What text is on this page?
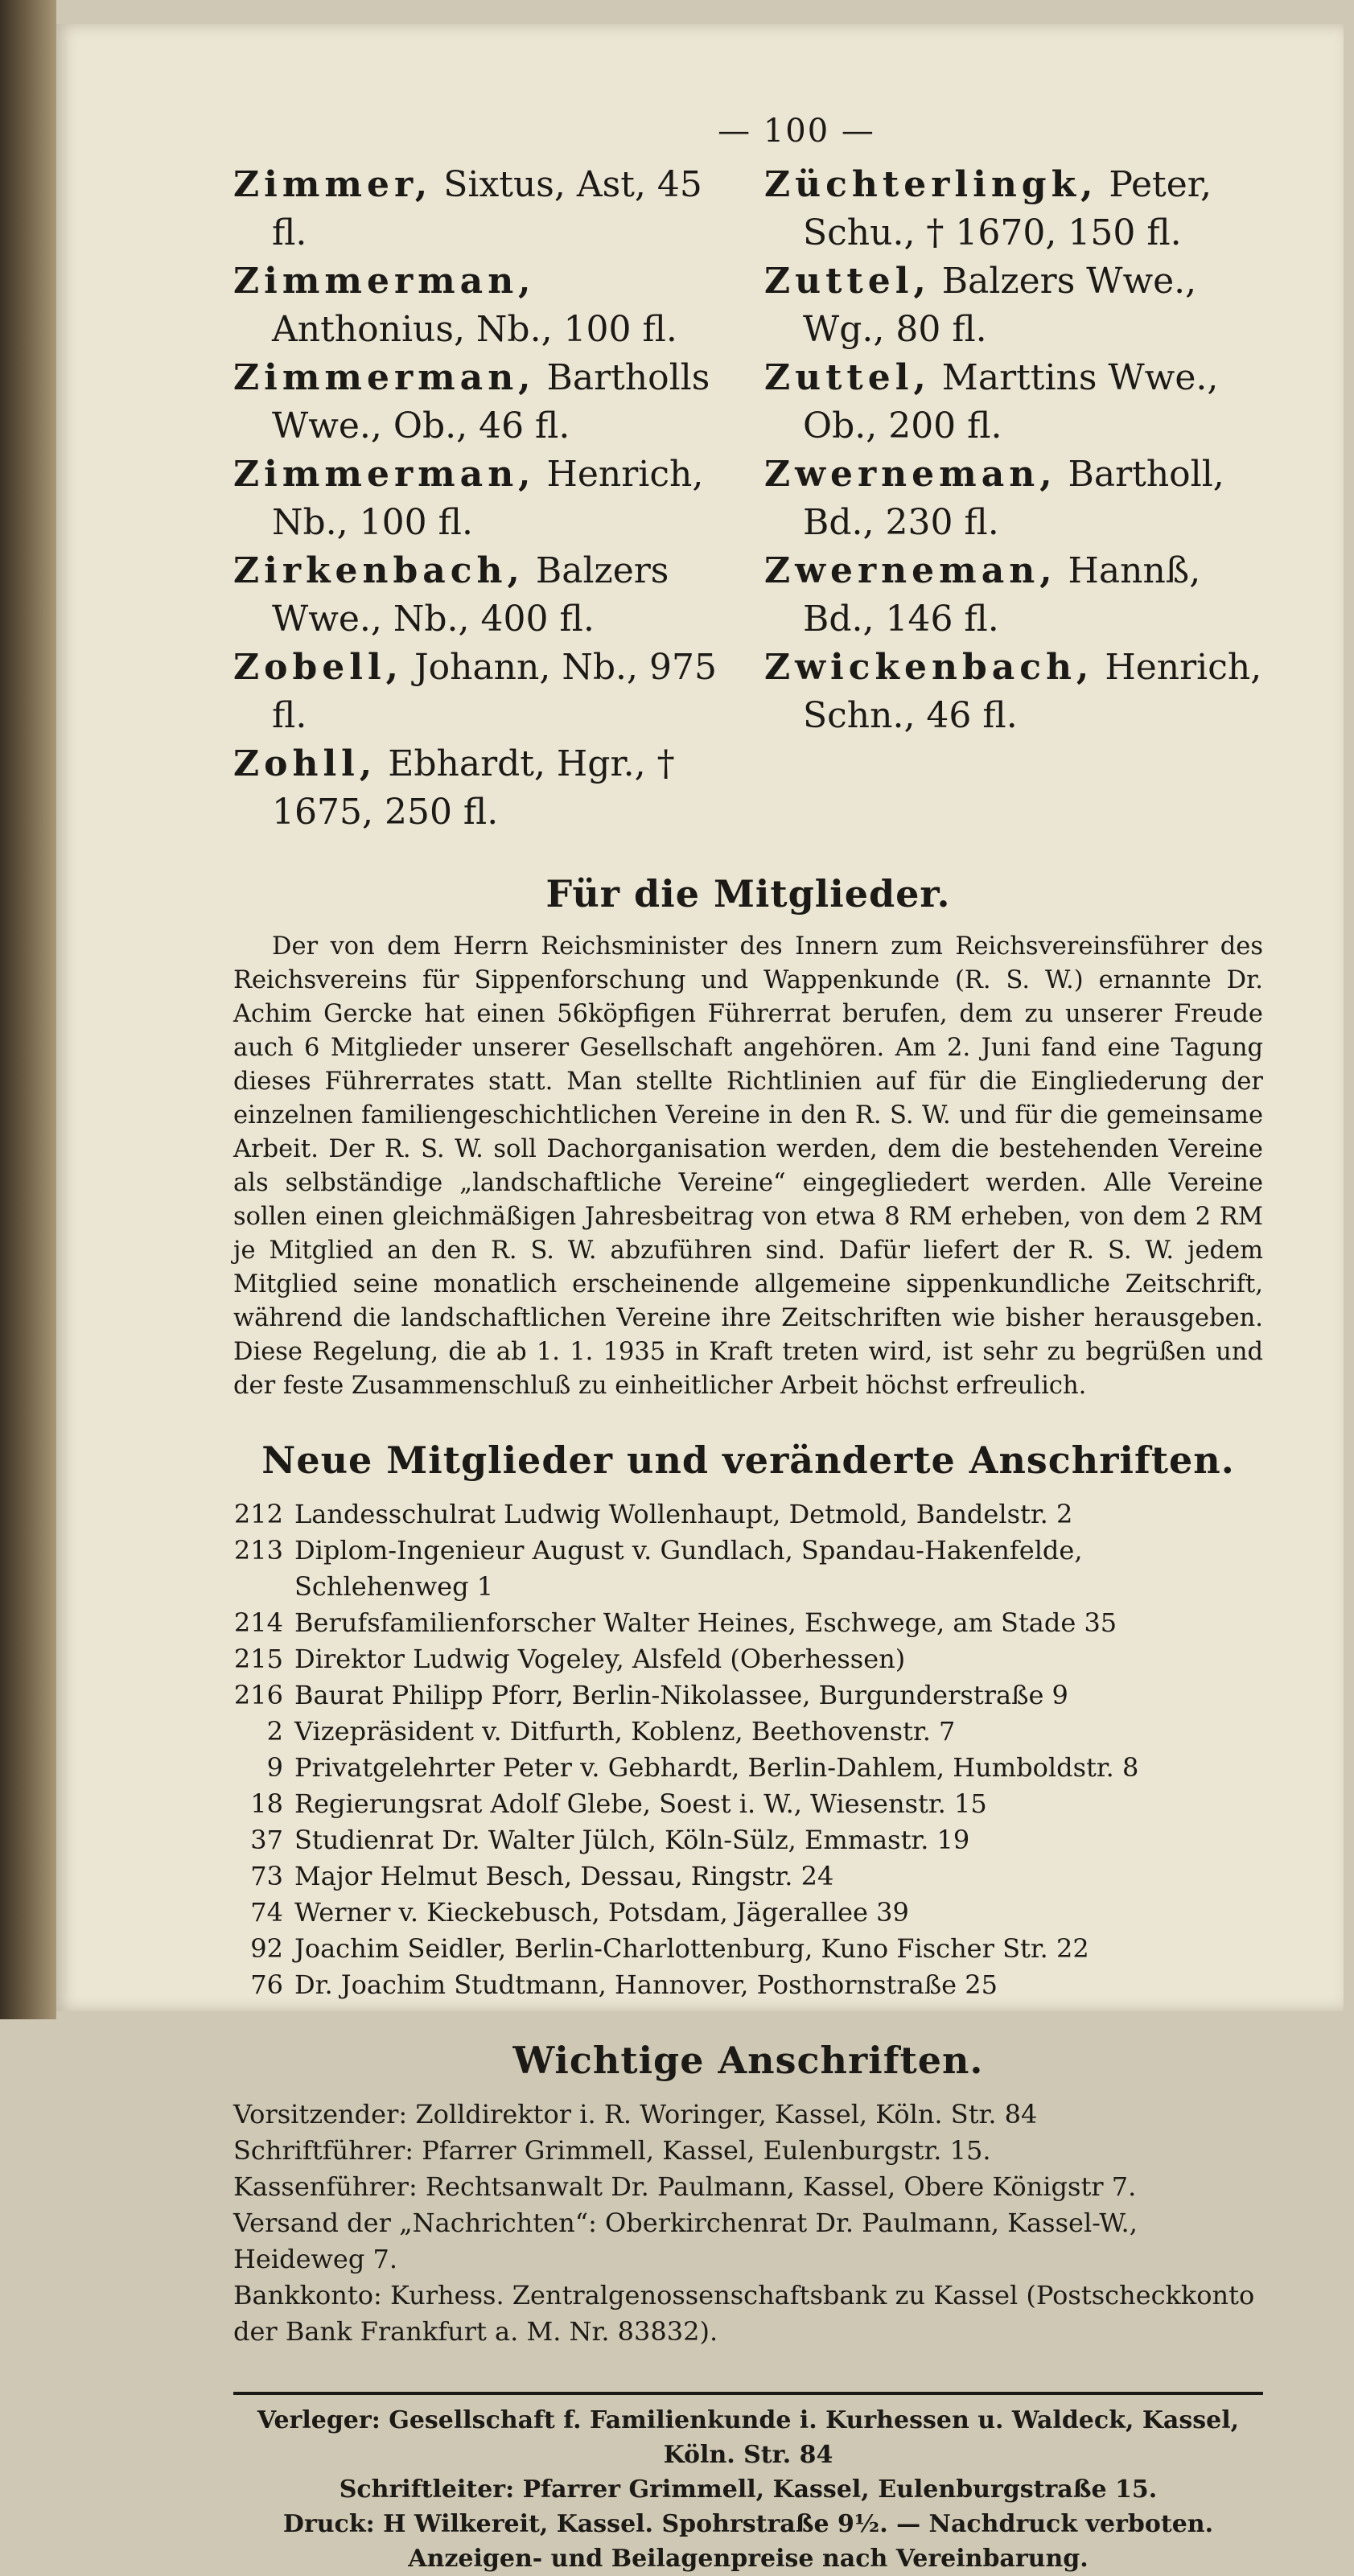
— 100 —

Zimmer, Sixtus, Ast, 45 fl.

Zimmerman, Anthonius, Nb., 100 fl.

Zimmerman, Bartholls Wwe., Ob., 46 fl.

Zimmerman, Henrich, Nb., 100 fl.

Zirkenbach, Balzers Wwe., Nb., 400 fl.

Zobell, Johann, Nb., 975 fl.

Zohll, Ebhardt, Hgr., † 1675, 250 fl.

Züchterlingk, Peter, Schu., † 1670, 150 fl.

Zuttel, Balzers Wwe., Wg., 80 fl.

Zuttel, Marttins Wwe., Ob., 200 fl.

Zwerneman, Bartholl, Bd., 230 fl.

Zwerneman, Hannß, Bd., 146 fl.

Zwickenbach, Henrich, Schn., 46 fl.

Für die Mitglieder.

Der von dem Herrn Reichsminister des Innern zum Reichsvereinsführer des Reichsvereins für Sippenforschung und Wappenkunde (R. S. W.) ernannte Dr. Achim Gercke hat einen 56köpfigen Führerrat berufen, dem zu unserer Freude auch 6 Mitglieder unserer Gesellschaft angehören. Am 2. Juni fand eine Tagung dieses Führerrates statt. Man stellte Richtlinien auf für die Eingliederung der einzelnen familiengeschichtlichen Vereine in den R. S. W. und für die gemeinsame Arbeit. Der R. S. W. soll Dachorganisation werden, dem die bestehenden Vereine als selbständige „landschaftliche Vereine“ eingegliedert werden. Alle Vereine sollen einen gleichmäßigen Jahresbeitrag von etwa 8 RM erheben, von dem 2 RM je Mitglied an den R. S. W. abzuführen sind. Dafür liefert der R. S. W. jedem Mitglied seine monatlich erscheinende allgemeine sippenkundliche Zeitschrift, während die landschaftlichen Vereine ihre Zeitschriften wie bisher herausgeben. Diese Regelung, die ab 1. 1. 1935 in Kraft treten wird, ist sehr zu begrüßen und der feste Zusammenschluß zu einheitlicher Arbeit höchst erfreulich.

Neue Mitglieder und veränderte Anschriften.
212 Landesschulrat Ludwig Wollenhaupt, Detmold, Bandelstr. 2
213 Diplom-Ingenieur August v. Gundlach, Spandau-Hakenfelde, Schlehenweg 1
214 Berufsfamilienforscher Walter Heines, Eschwege, am Stade 35
215 Direktor Ludwig Vogeley, Alsfeld (Oberhessen)
216 Baurat Philipp Pforr, Berlin-Nikolassee, Burgunderstraße 9
2 Vizepräsident v. Ditfurth, Koblenz, Beethovenstr. 7
9 Privatgelehrter Peter v. Gebhardt, Berlin-Dahlem, Humboldstr. 8
18 Regierungsrat Adolf Glebe, Soest i. W., Wiesenstr. 15
37 Studienrat Dr. Walter Jülch, Köln-Sülz, Emmastr. 19
73 Major Helmut Besch, Dessau, Ringstr. 24
74 Werner v. Kieckebusch, Potsdam, Jägerallee 39
92 Joachim Seidler, Berlin-Charlottenburg, Kuno Fischer Str. 22
76 Dr. Joachim Studtmann, Hannover, Posthornstraße 25
Wichtige Anschriften.

Vorsitzender: Zolldirektor i. R. Woringer, Kassel, Köln. Str. 84

Schriftführer: Pfarrer Grimmell, Kassel, Eulenburgstr. 15.

Kassenführer: Rechtsanwalt Dr. Paulmann, Kassel, Obere Königstr 7.

Versand der „Nachrichten“: Oberkirchenrat Dr. Paulmann, Kassel-W., Heideweg 7.

Bankkonto: Kurhess. Zentralgenossenschaftsbank zu Kassel (Postscheckkonto der Bank Frankfurt a. M. Nr. 83832).

Verleger: Gesellschaft f. Familienkunde i. Kurhessen u. Waldeck, Kassel, Köln. Str. 84

Schriftleiter: Pfarrer Grimmell, Kassel, Eulenburgstraße 15.

Druck: H Wilkereit, Kassel. Spohrstraße 9½. — Nachdruck verboten.

Anzeigen- und Beilagenpreise nach Vereinbarung.
